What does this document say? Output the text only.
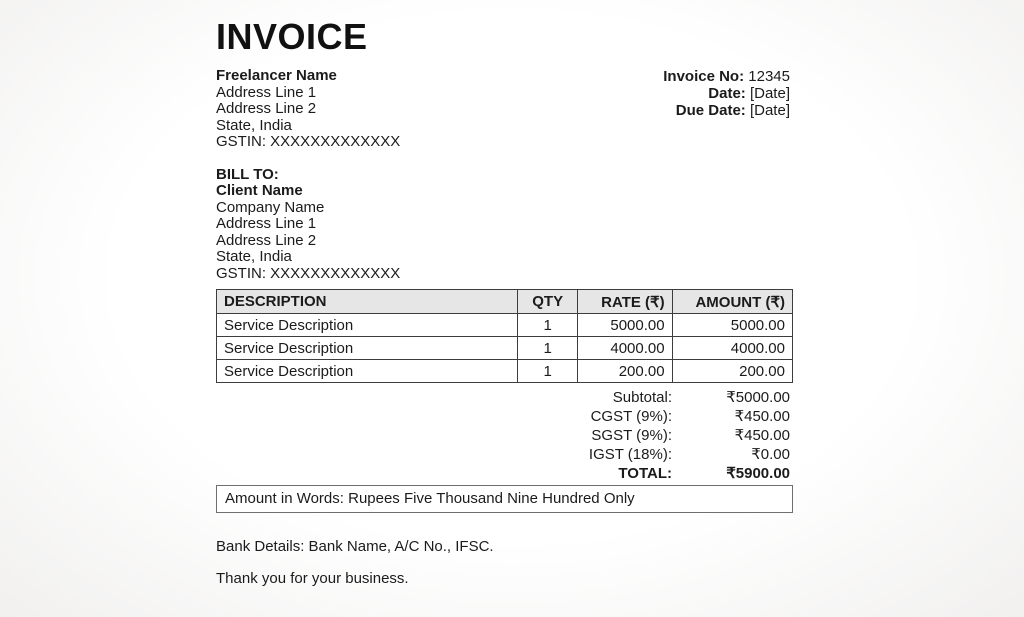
INVOICE
Freelancer Name
Address Line 1
Address Line 2
State, India
GSTIN: XXXXXXXXXXXXX
Invoice No: 12345
Date: [Date]
Due Date: [Date]
BILL TO:
Client Name
Company Name
Address Line 1
Address Line 2
State, India
GSTIN: XXXXXXXXXXXXX
DESCRIPTION	QTY	RATE (₹)	AMOUNT (₹)
Service Description	1	5000.00	5000.00
Service Description	1	4000.00	4000.00
Service Description	1	200.00	200.00
Subtotal:	₹5000.00
CGST (9%):	₹450.00
SGST (9%):	₹450.00
IGST (18%):	₹0.00
TOTAL:	₹5900.00
Amount in Words: Rupees Five Thousand Nine Hundred Only
Bank Details: Bank Name, A/C No., IFSC.
Thank you for your business.
